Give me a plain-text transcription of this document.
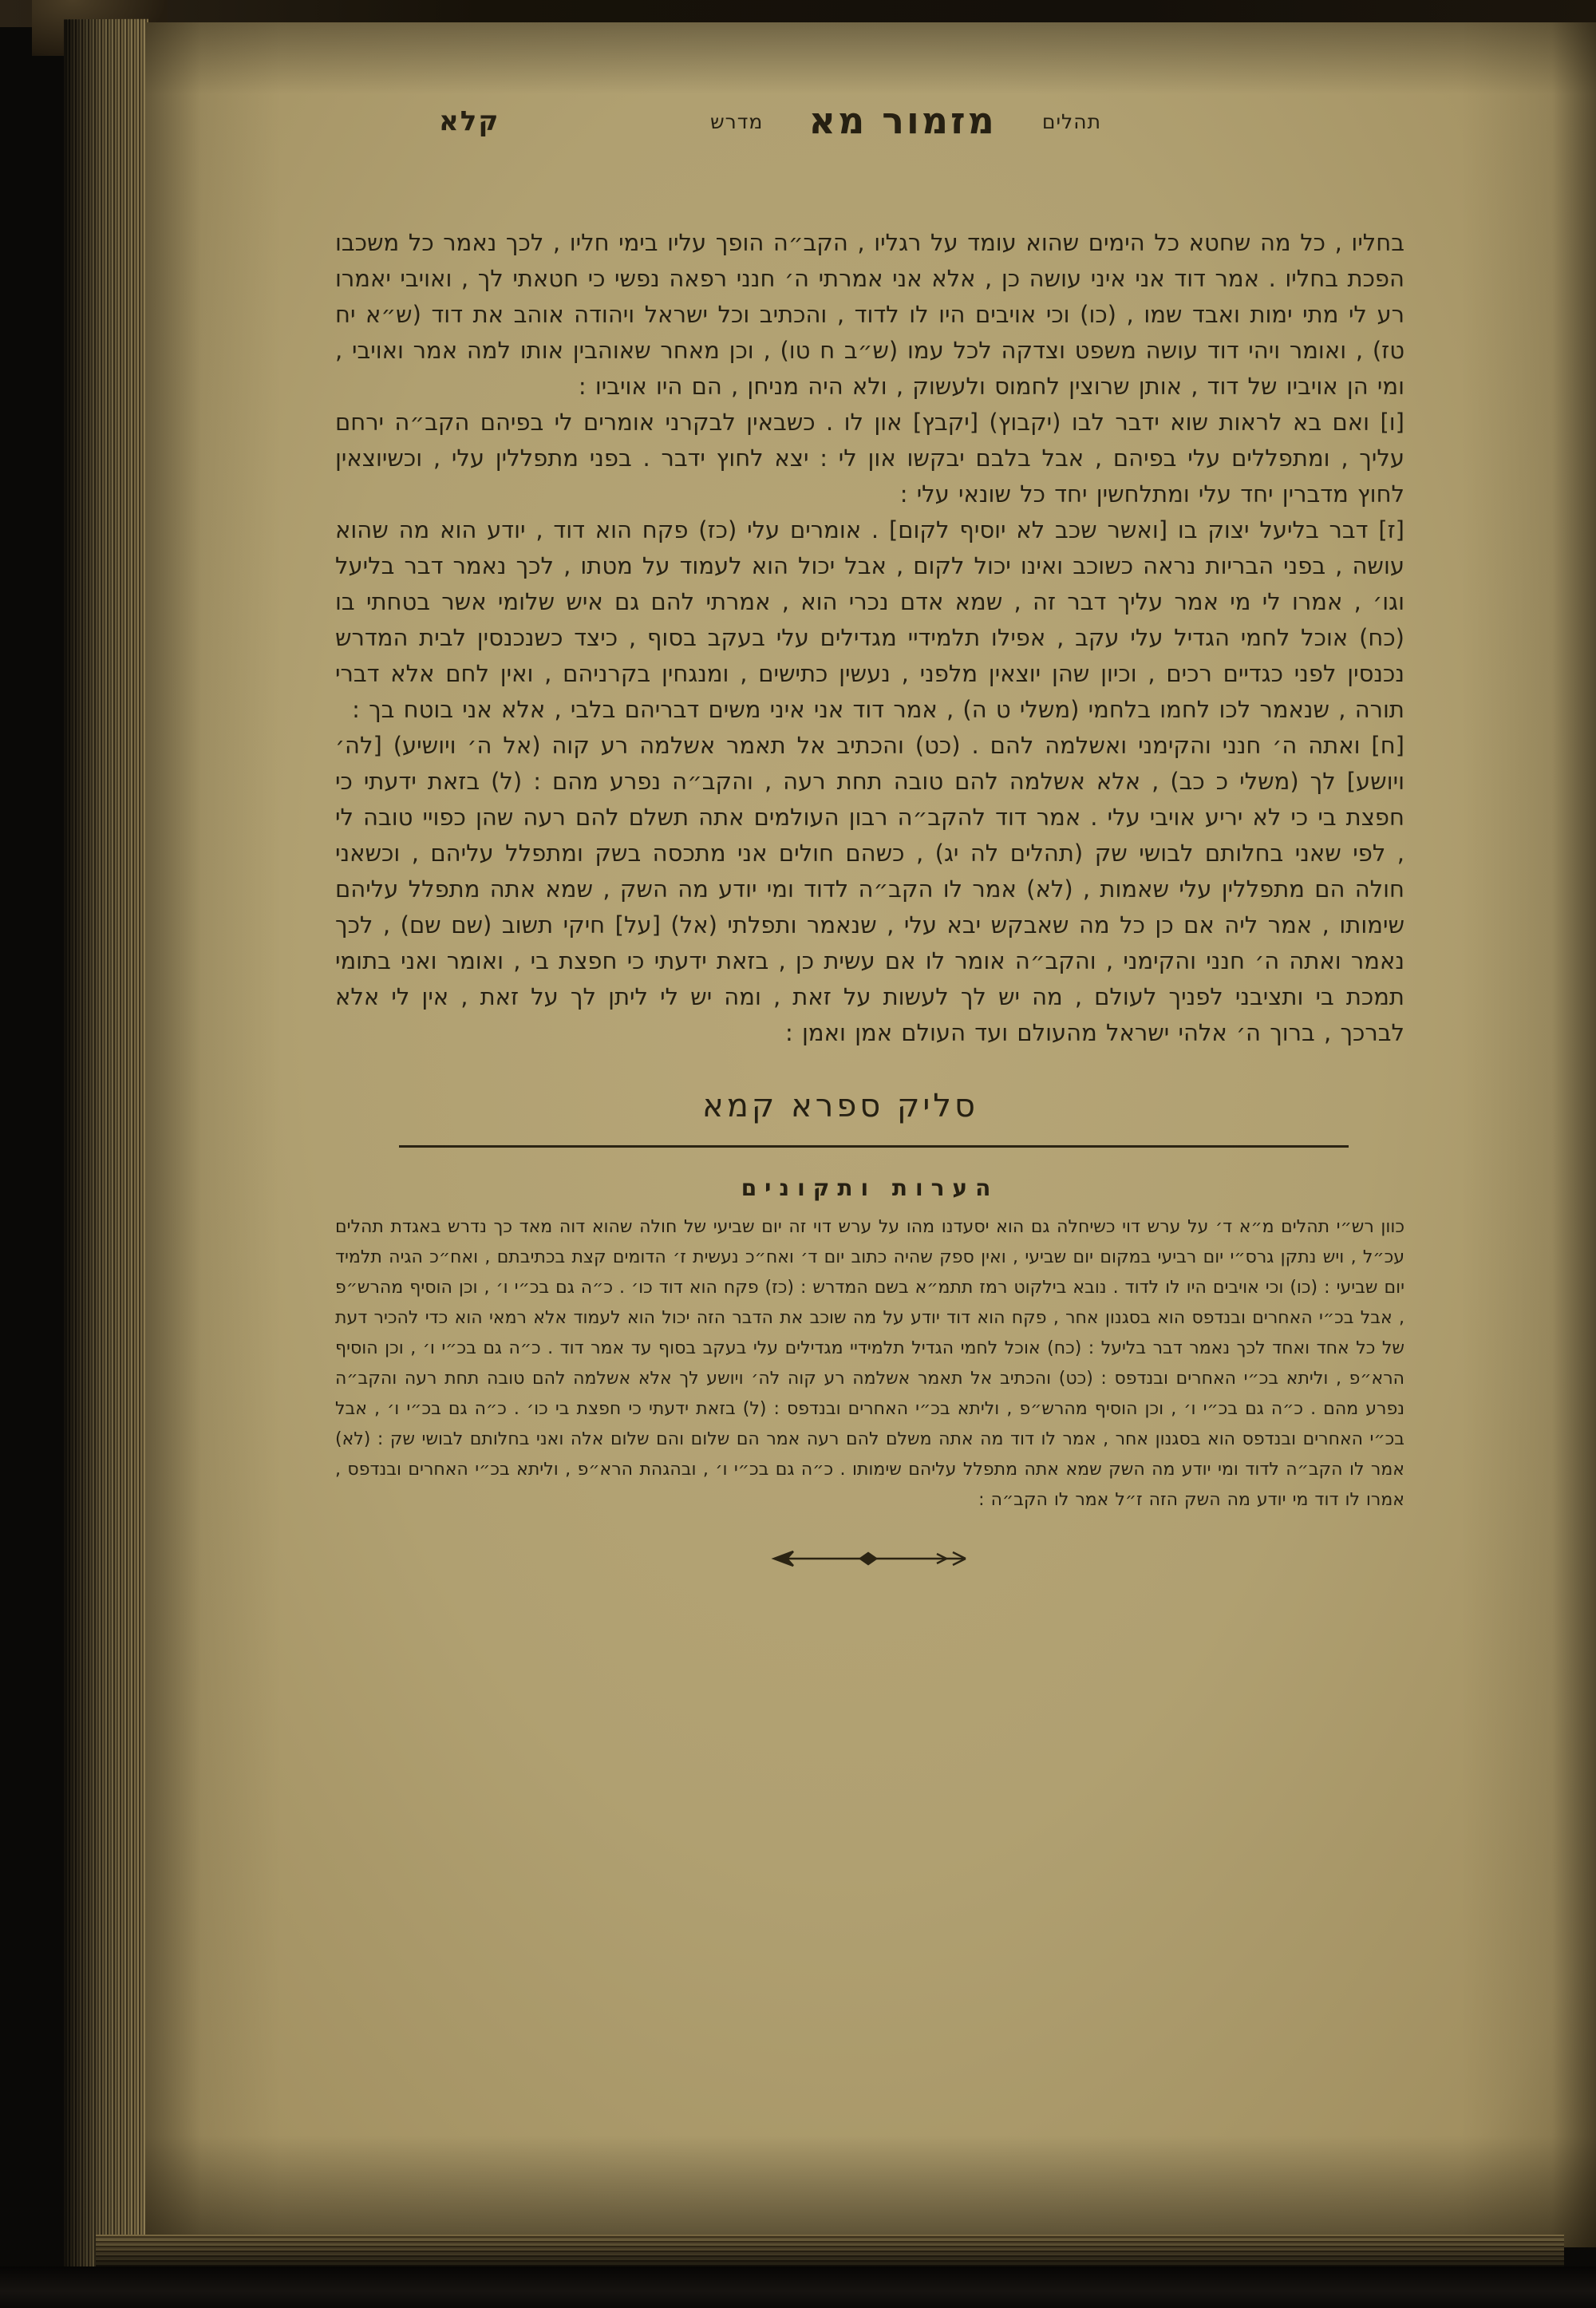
תהלים מזמור מא מדרש
קלא

בחליו , כל מה שחטא כל הימים שהוא עומד על רגליו , הקב״ה הופך עליו בימי חליו , לכך נאמר כל משכבו הפכת בחליו . אמר דוד אני איני עושה כן , אלא אני אמרתי ה׳ חנני רפאה נפשי כי חטאתי לך , ואויבי יאמרו רע לי מתי ימות ואבד שמו , (כו) וכי אויבים היו לו לדוד , והכתיב וכל ישראל ויהודה אוהב את דוד (ש״א יח טז) , ואומר ויהי דוד עושה משפט וצדקה לכל עמו (ש״ב ח טו) , וכן מאחר שאוהבין אותו למה אמר ואויבי , ומי הן אויביו של דוד , אותן שרוצין לחמוס ולעשוק , ולא היה מניחן , הם היו אויביו :

[ו] ואם בא לראות שוא ידבר לבו (יקבוץ) [יקבץ] און לו . כשבאין לבקרני אומרים לי בפיהם הקב״ה ירחם עליך , ומתפללים עלי בפיהם , אבל בלבם יבקשו און לי : יצא לחוץ ידבר . בפני מתפללין עלי , וכשיוצאין לחוץ מדברין יחד עלי ומתלחשין יחד כל שונאי עלי :

[ז] דבר בליעל יצוק בו [ואשר שכב לא יוסיף לקום] . אומרים עלי (כז) פקח הוא דוד , יודע הוא מה שהוא עושה , בפני הבריות נראה כשוכב ואינו יכול לקום , אבל יכול הוא לעמוד על מטתו , לכך נאמר דבר בליעל וגו׳ , אמרו לי מי אמר עליך דבר זה , שמא אדם נכרי הוא , אמרתי להם גם איש שלומי אשר בטחתי בו (כח) אוכל לחמי הגדיל עלי עקב , אפילו תלמידיי מגדילים עלי בעקב בסוף , כיצד כשנכנסין לבית המדרש נכנסין לפני כגדיים רכים , וכיון שהן יוצאין מלפני , נעשין כתישים , ומנגחין בקרניהם , ואין לחם אלא דברי תורה , שנאמר לכו לחמו בלחמי (משלי ט ה) , אמר דוד אני איני משים דבריהם בלבי , אלא אני בוטח בך :

[ח] ואתה ה׳ חנני והקימני ואשלמה להם . (כט) והכתיב אל תאמר אשלמה רע קוה (אל ה׳ ויושיע) [לה׳ ויושע] לך (משלי כ כב) , אלא אשלמה להם טובה תחת רעה , והקב״ה נפרע מהם : (ל) בזאת ידעתי כי חפצת בי כי לא יריע אויבי עלי . אמר דוד להקב״ה רבון העולמים אתה תשלם להם רעה שהן כפויי טובה לי , לפי שאני בחלותם לבושי שק (תהלים לה יג) , כשהם חולים אני מתכסה בשק ומתפלל עליהם , וכשאני חולה הם מתפללין עלי שאמות , (לא) אמר לו הקב״ה לדוד ומי יודע מה השק , שמא אתה מתפלל עליהם שימותו , אמר ליה אם כן כל מה שאבקש יבא עלי , שנאמר ותפלתי (אל) [על] חיקי תשוב (שם שם) , לכך נאמר ואתה ה׳ חנני והקימני , והקב״ה אומר לו אם עשית כן , בזאת ידעתי כי חפצת בי , ואומר ואני בתומי תמכת בי ותציבני לפניך לעולם , מה יש לך לעשות על זאת , ומה יש לי ליתן לך על זאת , אין לי אלא לברכך , ברוך ה׳ אלהי ישראל מהעולם ועד העולם אמן ואמן :

סליק ספרא קמא
הערות ותקונים

כוון רש״י תהלים מ״א ד׳ על ערש דוי כשיחלה גם הוא יסעדנו מהו על ערש דוי זה יום שביעי של חולה שהוא דוה מאד כך נדרש באגדת תהלים עכ״ל , ויש נתקן גרס״י יום רביעי במקום יום שביעי , ואין ספק שהיה כתוב יום ד׳ ואח״כ נעשית ז׳ הדומים קצת בכתיבתם , ואח״כ הגיה תלמיד יום שביעי : (כו) וכי אויבים היו לו לדוד . נובא בילקוט רמז תתמ״א בשם המדרש : (כז) פקח הוא דוד כו׳ . כ״ה גם בכ״י ו׳ , וכן הוסיף מהרש״פ , אבל בכ״י האחרים ובנדפס הוא בסגנון אחר , פקח הוא דוד יודע על מה שוכב את הדבר הזה יכול הוא לעמוד אלא רמאי הוא כדי להכיר דעת של כל אחד ואחד לכך נאמר דבר בליעל : (כח) אוכל לחמי הגדיל תלמידיי מגדילים עלי בעקב בסוף עד אמר דוד . כ״ה גם בכ״י ו׳ , וכן הוסיף הרא״פ , וליתא בכ״י האחרים ובנדפס : (כט) והכתיב אל תאמר אשלמה רע קוה לה׳ ויושע לך אלא אשלמה להם טובה תחת רעה והקב״ה נפרע מהם . כ״ה גם בכ״י ו׳ , וכן הוסיף מהרש״פ , וליתא בכ״י האחרים ובנדפס : (ל) בזאת ידעתי כי חפצת בי כו׳ . כ״ה גם בכ״י ו׳ , אבל בכ״י האחרים ובנדפס הוא בסגנון אחר , אמר לו דוד מה אתה משלם להם רעה אמר הם שלום והם שלום אלה ואני בחלותם לבושי שק : (לא) אמר לו הקב״ה לדוד ומי יודע מה השק שמא אתה מתפלל עליהם שימותו . כ״ה גם בכ״י ו׳ , ובהגהת הרא״פ , וליתא בכ״י האחרים ובנדפס , אמרו לו דוד מי יודע מה השק הזה ז״ל אמר לו הקב״ה :
